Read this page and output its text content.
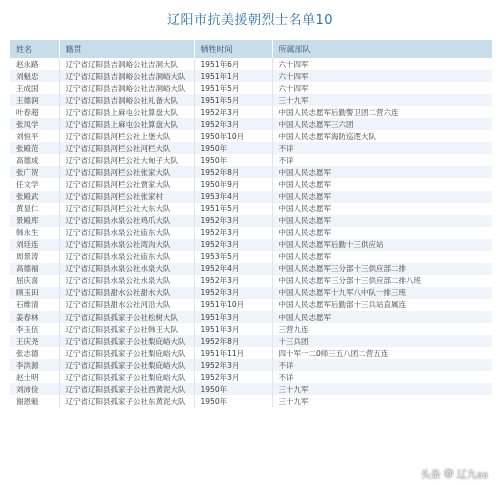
辽阳市抗美援朝烈士名单10
姓名	籍贯	牺牲时间	所属部队
赵永路	辽宁省辽阳县吉洞峪公社吉洞大队	1951年6月	六十四军
刘魁忠	辽宁省辽阳县吉洞峪公社吉洞峪大队	1951年1月	六十四军
王成国	辽宁省辽阳县吉洞峪公社吉洞峪大队	1951年5月	六十四军
王德润	辽宁省辽阳县吉洞峪公社礼备大队	1951年5月	三十九军
叶春超	辽宁省辽阳县上麻屯公社算盘大队	1952年3月	中国人民志愿军后勤警卫团二营六连
张凤学	辽宁省辽阳县上麻屯公社算盘大队	1952年3月	中国人民志愿军三六团
刘恒平	辽宁省辽阳县河栏公社上堡大队	1950年10月	中国人民志愿军海防巡逻大队
张殿范	辽宁省辽阳县河栏公社河栏大队	1950年	不详
高德成	辽宁省辽阳县河栏公社大甸子大队	1950年	不详
张广贺	辽宁省辽阳县河栏公社张家大队	1952年8月	中国人民志愿军
任文学	辽宁省辽阳县河栏公社贾家大队	1950年9月	中国人民志愿军
张殿武	辽宁省辽阳县河栏公社张家村	1953年4月	中国人民志愿军
黄显仁	辽宁省辽阳县河栏公社大东大队	1951年5月	中国人民志愿军
景殿库	辽宁省辽阳县水泉公社鸡爪大队	1952年3月	中国人民志愿军
韩永生	辽宁省辽阳县水泉公社庙东大队	1952年3月	中国人民志愿军
刘廷连	辽宁省辽阳县水泉公社湾沟大队	1952年3月	中国人民志愿军后勤十三供应站
周景涛	辽宁省辽阳县水泉公社庙东大队	1953年5月	中国人民志愿军
高德福	辽宁省辽阳县水泉公社水泉大队	1952年4月	中国人民志愿军三分部十三供应部二排
屈庆喜	辽宁省辽阳县水泉公社水泉大队	1952年3月	中国人民志愿军三分部十三供应部二排八班
顾玉田	辽宁省辽阳县甜水公社甜水大队	1952年3月	中国人民志愿军十九军八中队一排三班
石维清	辽宁省辽阳县甜水公社河沿大队	1951年10月	中国人民志愿军后勤部十三兵站直属连
姜春林	辽宁省辽阳县孤家子公社松树大队	1951年3月	中国人民志愿军
李玉伍	辽宁省辽阳县孤家子公社韩王大队	1951年3月	三营九连
王庆尧	辽宁省辽阳县孤家子公社梨庇峪大队	1952年8月	十三兵团
张志德	辽宁省辽阳县孤家子公社梨庇峪大队	1951年11月	四十军一二0师三五八团二营五连
李洪源	辽宁省辽阳县孤家子公社梨庇峪大队	1952年3月	不详
赵士明	辽宁省辽阳县孤家子公社梨庇峪大队	1952年3月	不详
刘沛俭	辽宁省辽阳县孤家子公社西黄泥大队	1950年	三十九军
谢恩魁	辽宁省辽阳县孤家子公社东黄泥大队	1950年	三十九军
头条 @ 辽九as
